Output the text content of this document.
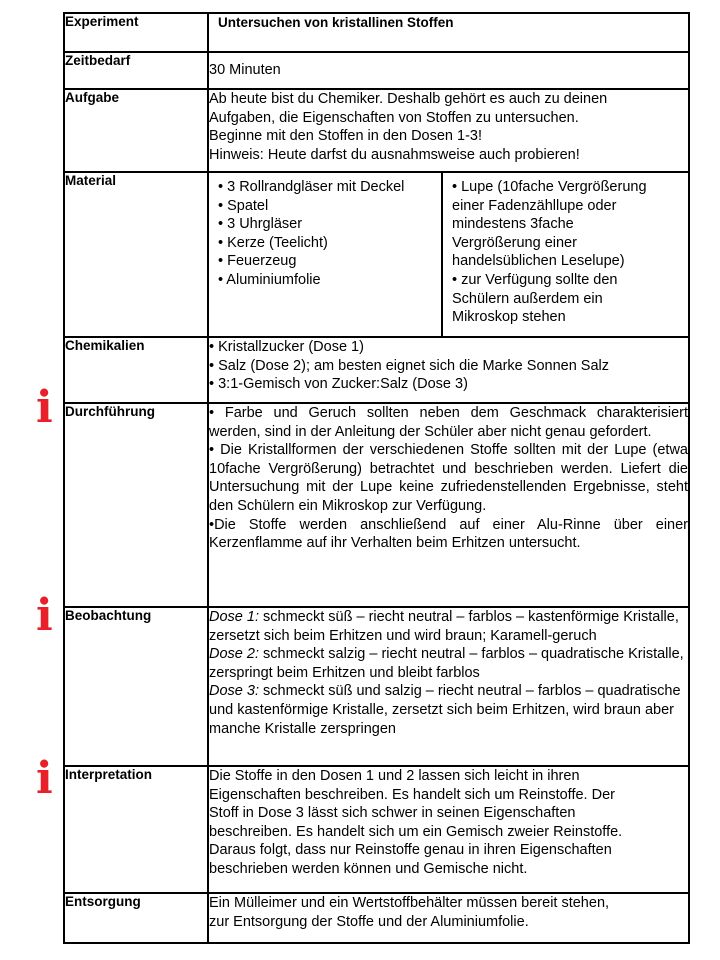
Experiment	Untersuchen von kristallinen Stoffen
Zeitbedarf	30 Minuten
Aufgabe	Ab heute bist du Chemiker. Deshalb gehört es auch zu deinen
Aufgaben, die Eigenschaften von Stoffen zu untersuchen.
Beginne mit den Stoffen in den Dosen 1-3!
Hinweis: Heute darfst du ausnahmsweise auch probieren!

Material		• 3 Rollrandgläser mit Deckel
• Spatel
• 3 Uhrgläser
• Kerze (Teelicht)
• Feuerzeug
• Aluminiumfolie

• Lupe (10fache Vergrößerung
einer Fadenzähllupe oder
mindestens 3fache
Vergrößerung einer
handelsüblichen Leselupe)
• zur Verfügung sollte den
Schülern außerdem ein
Mikroskop stehen

Chemikalien	• Kristallzucker (Dose 1)
• Salz (Dose 2); am besten eignet sich die Marke Sonnen Salz
• 3:1-Gemisch von Zucker:Salz (Dose 3)

Durchführung	• Farbe und Geruch sollten neben dem Geschmack charakterisiert werden, sind in der Anleitung der Schüler aber nicht genau gefordert.
• Die Kristallformen der verschiedenen Stoffe sollten mit der Lupe (etwa 10fache Vergrößerung) betrachtet und beschrieben werden. Liefert die Untersuchung mit der Lupe keine zufriedenstellenden Ergebnisse, steht den Schülern ein Mikroskop zur Verfügung.
•Die Stoffe werden anschließend auf einer Alu-Rinne über einer Kerzenflamme auf ihr Verhalten beim Erhitzen untersucht.

Beobachtung	Dose 1: schmeckt süß – riecht neutral – farblos – kastenförmige Kristalle, zersetzt sich beim Erhitzen und wird braun; Karamell-geruch
Dose 2: schmeckt salzig – riecht neutral – farblos – quadratische Kristalle, zerspringt beim Erhitzen und bleibt farblos
Dose 3: schmeckt süß und salzig – riecht neutral – farblos – quadratische und kastenförmige Kristalle, zersetzt sich beim Erhitzen, wird braun aber manche Kristalle zerspringen

Interpretation	Die Stoffe in den Dosen 1 und 2 lassen sich leicht in ihren
Eigenschaften beschreiben. Es handelt sich um Reinstoffe. Der
Stoff in Dose 3 lässt sich schwer in seinen Eigenschaften
beschreiben. Es handelt sich um ein Gemisch zweier Reinstoffe.
Daraus folgt, dass nur Reinstoffe genau in ihren Eigenschaften
beschrieben werden können und Gemische nicht.

Entsorgung	Ein Mülleimer und ein Wertstoffbehälter müssen bereit stehen,
zur Entsorgung der Stoffe und der Aluminiumfolie.
i
i
i
